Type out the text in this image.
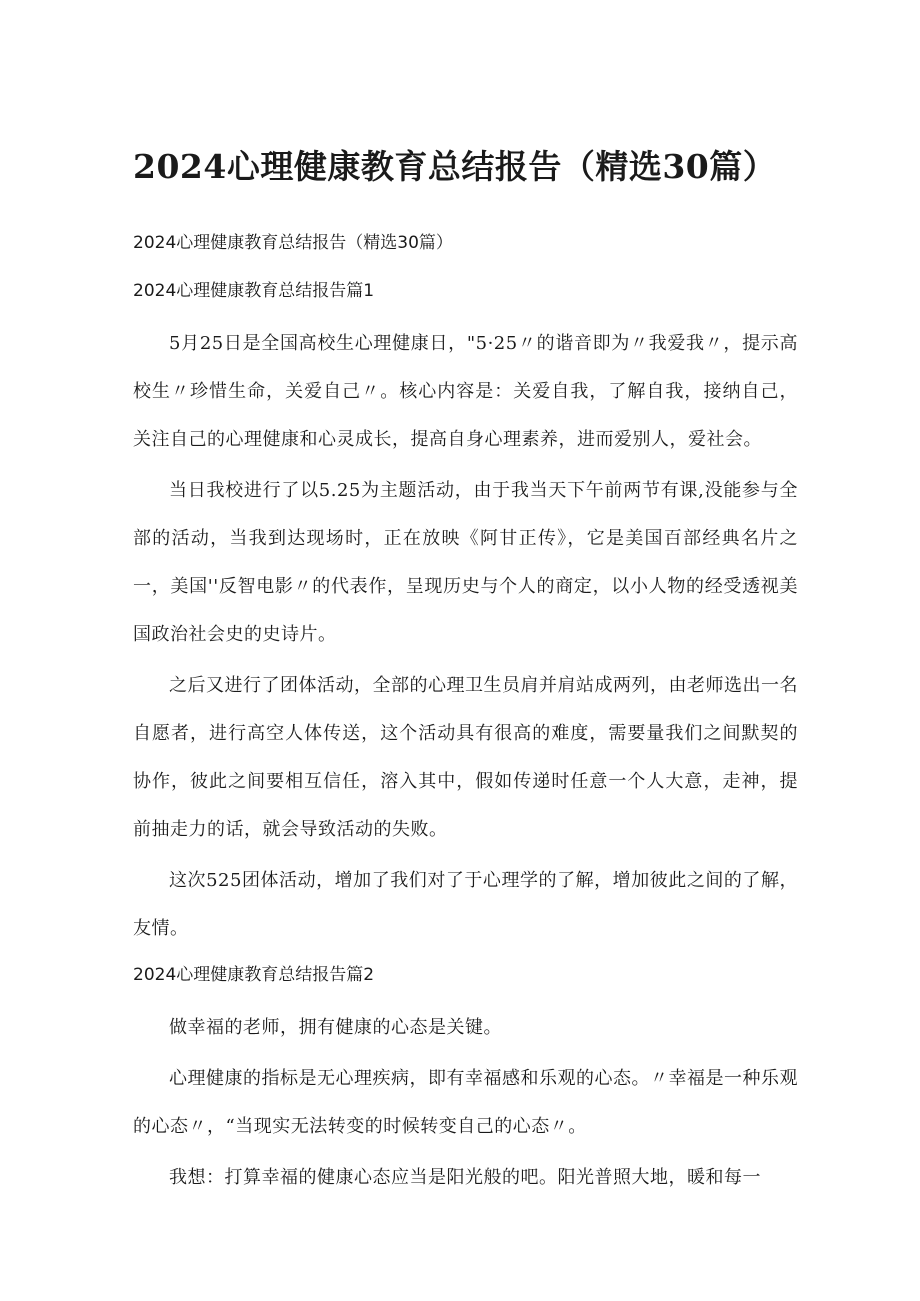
2024心理健康教育总结报告（精选30篇）

2024心理健康教育总结报告（精选30篇）

2024心理健康教育总结报告篇1

5月25日是全国高校生心理健康日，"5·25〃的谐音即为〃我爱我〃，提示高校生〃珍惜生命，关爱自己〃。核心内容是：关爱自我，了解自我，接纳自己，关注自己的心理健康和心灵成长，提高自身心理素养，进而爱别人，爱社会。

当日我校进行了以5.25为主题活动，由于我当天下午前两节有课,没能参与全部的活动，当我到达现场时，正在放映《阿甘正传》，它是美国百部经典名片之一，美国''反智电影〃的代表作，呈现历史与个人的商定，以小人物的经受透视美国政治社会史的史诗片。

之后又进行了团体活动，全部的心理卫生员肩并肩站成两列，由老师选出一名自愿者，进行高空人体传送，这个活动具有很高的难度，需要量我们之间默契的协作，彼此之间要相互信任，溶入其中，假如传递时任意一个人大意，走神，提前抽走力的话，就会导致活动的失败。

这次525团体活动，增加了我们对了于心理学的了解，增加彼此之间的了解，友情。

2024心理健康教育总结报告篇2

做幸福的老师，拥有健康的心态是关键。

心理健康的指标是无心理疾病，即有幸福感和乐观的心态。〃幸福是一种乐观的心态〃，“当现实无法转变的时候转变自己的心态〃。

我想：打算幸福的健康心态应当是阳光般的吧。阳光普照大地，暖和每一
